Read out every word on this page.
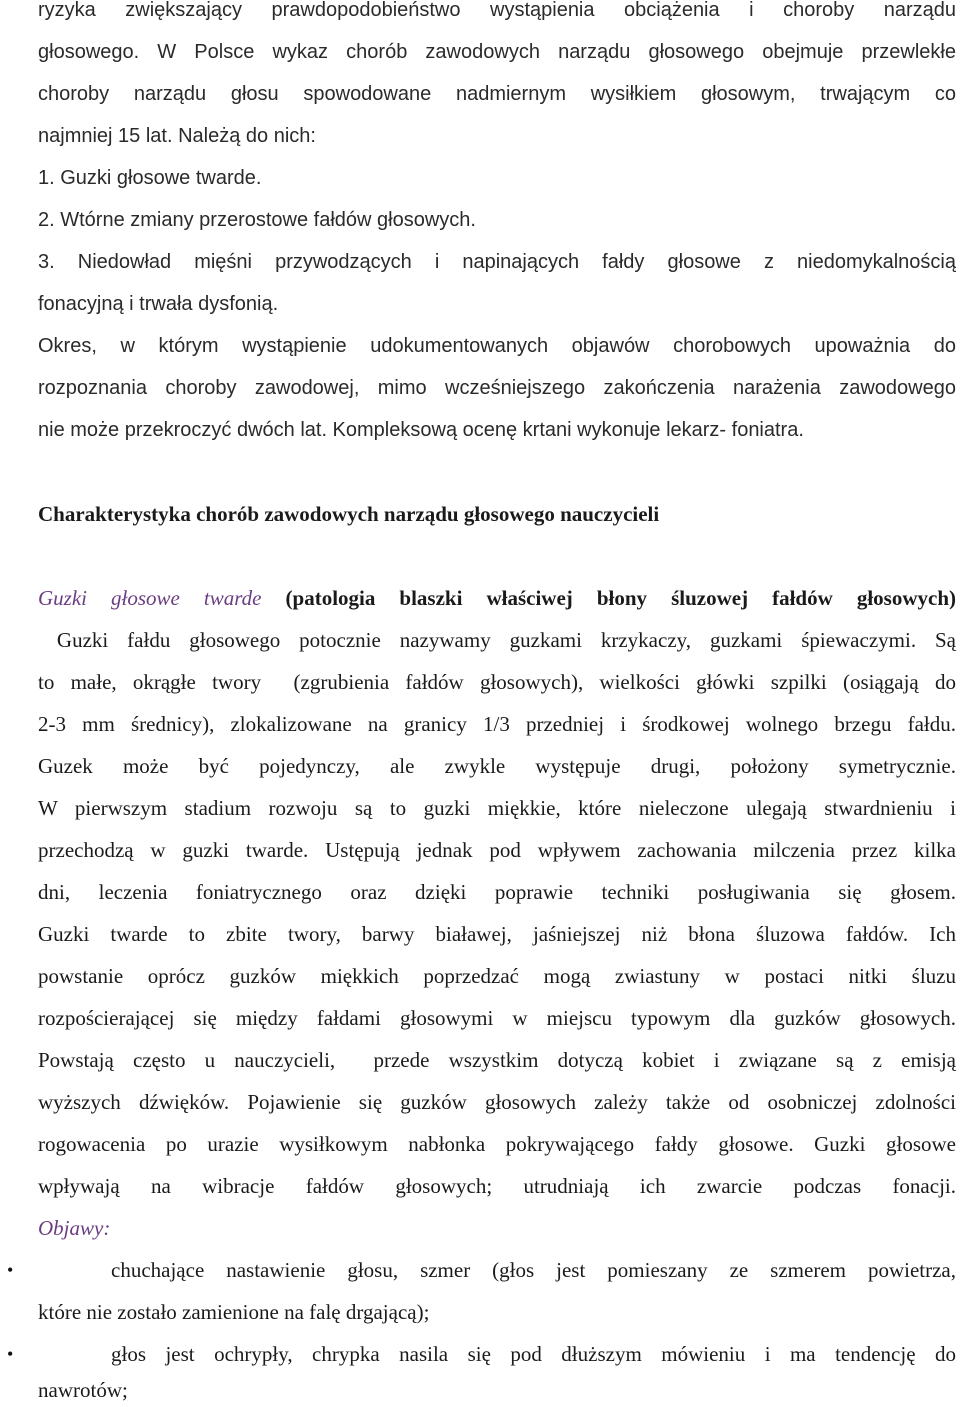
ryzyka zwiększający prawdopodobieństwo wystąpienia obciążenia i choroby narządu
głosowego. W Polsce wykaz chorób zawodowych narządu głosowego obejmuje przewlekłe
choroby narządu głosu spowodowane nadmiernym wysiłkiem głosowym, trwającym co
najmniej 15 lat. Należą do nich:
1. Guzki głosowe twarde.
2. Wtórne zmiany przerostowe fałdów głosowych.
3. Niedowład mięśni przywodzących i napinających fałdy głosowe z niedomykalnością
fonacyjną i trwała dysfonią.
Okres, w którym wystąpienie udokumentowanych objawów chorobowych upoważnia do
rozpoznania choroby zawodowej, mimo wcześniejszego zakończenia narażenia zawodowego
nie może przekroczyć dwóch lat. Kompleksową ocenę krtani wykonuje lekarz- foniatra.
Charakterystyka chorób zawodowych narządu głosowego nauczycieli
Guzki głosowe twarde (patologia blaszki właściwej błony śluzowej fałdów głosowych)
Guzki fałdu głosowego potocznie nazywamy guzkami krzykaczy, guzkami śpiewaczymi. Są
to małe, okrągłe twory  (zgrubienia fałdów głosowych), wielkości główki szpilki (osiągają do
2-3 mm średnicy), zlokalizowane na granicy 1/3 przedniej i środkowej wolnego brzegu fałdu.
Guzek może być pojedynczy, ale zwykle występuje drugi, położony symetrycznie.
W pierwszym stadium rozwoju są to guzki miękkie, które nieleczone ulegają stwardnieniu i
przechodzą w guzki twarde. Ustępują jednak pod wpływem zachowania milczenia przez kilka
dni, leczenia foniatrycznego oraz dzięki poprawie techniki posługiwania się głosem.
Guzki twarde to zbite twory, barwy białawej, jaśniejszej niż błona śluzowa fałdów. Ich
powstanie oprócz guzków miękkich poprzedzać mogą zwiastuny w postaci nitki śluzu
rozpościerającej się między fałdami głosowymi w miejscu typowym dla guzków głosowych.
Powstają często u nauczycieli,  przede wszystkim dotyczą kobiet i związane są z emisją
wyższych dźwięków. Pojawienie się guzków głosowych zależy także od osobniczej zdolności
rogowacenia po urazie wysiłkowym nabłonka pokrywającego fałdy głosowe. Guzki głosowe
wpływają na wibracje fałdów głosowych; utrudniają ich zwarcie podczas fonacji.
Objawy:
•	chuchające nastawienie głosu, szmer (głos jest pomieszany ze szmerem powietrza,
które nie zostało zamienione na falę drgającą);
•	głos jest ochrypły, chrypka nasila się pod dłuższym mówieniu i ma tendencję do
nawrotów;
